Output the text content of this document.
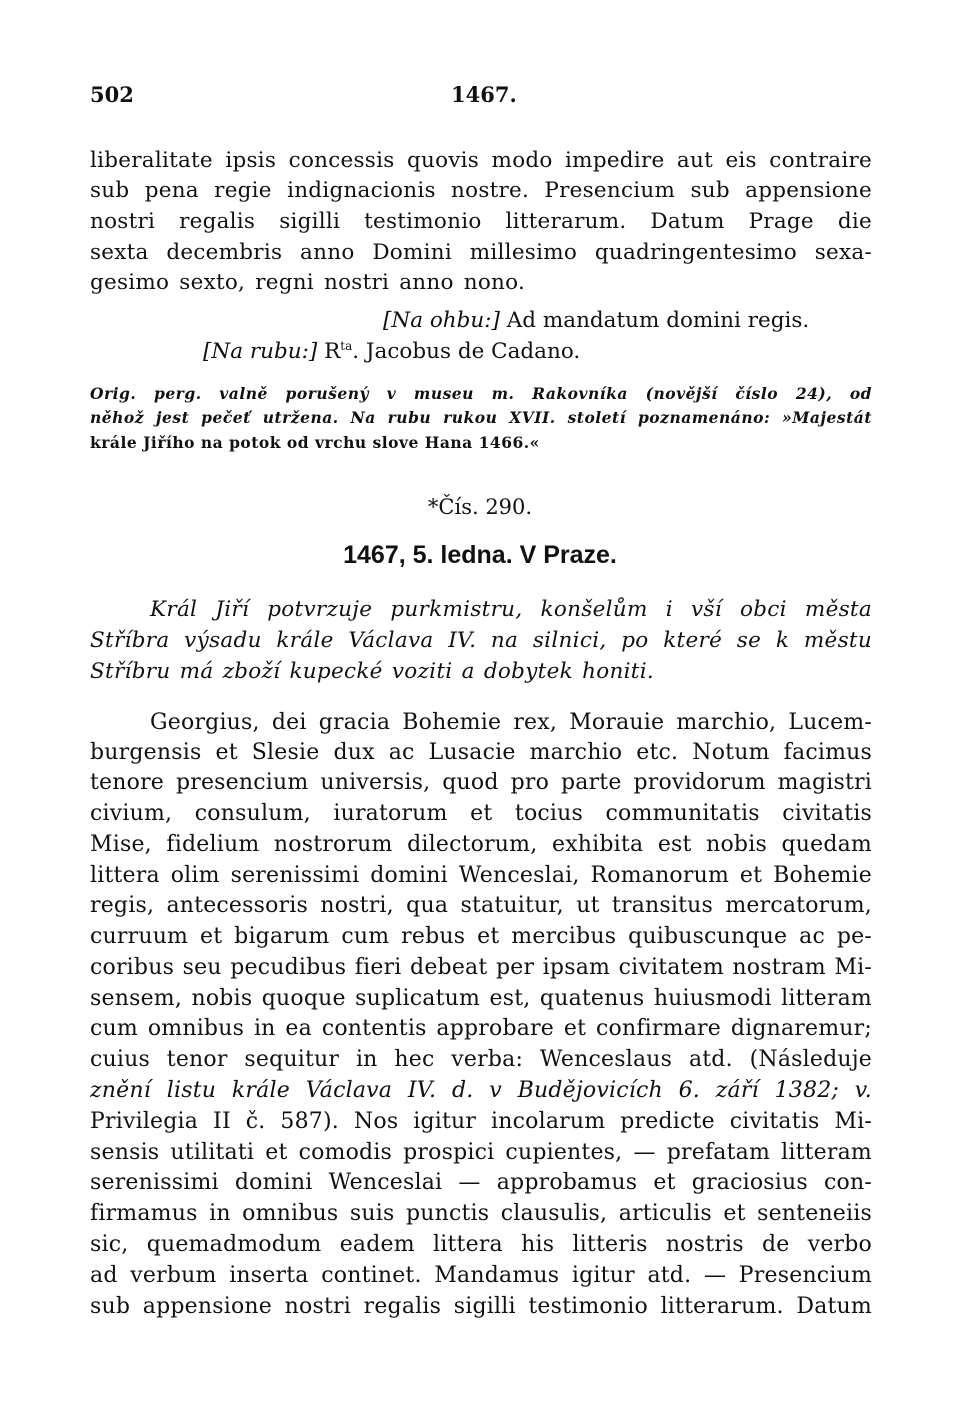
502	1467.
liberalitate ipsis concessis quovis modo impedire aut eis contraire
sub pena regie indignacionis nostre. Presencium sub appensione
nostri regalis sigilli testimonio litterarum. Datum Prage die
sexta decembris anno Domini millesimo quadringentesimo sexa-
gesimo sexto, regni nostri anno nono.
[Na ohbu:] Ad mandatum domini regis.
[Na rubu:] $R^{ta}$. Jacobus de Cadano.
Orig. perg. valně porušený v museu m. Rakovníka (novější číslo 24), od
něhož jest pečeť utržena. Na rubu rukou XVII. století poznamenáno: »Majestát
krále Jiřího na potok od vrchu slove Hana 1466.«
*Čís. 290.
1467, 5. ledna. V Praze.
Král Jiří potvrzuje purkmistru, konšelům i vší obci města
Stříbra výsadu krále Václava IV. na silnici, po které se k městu
Stříbru má zboží kupecké voziti a dobytek honiti.
Georgius, dei gracia Bohemie rex, Morauie marchio, Lucem-
burgensis et Slesie dux ac Lusacie marchio etc. Notum facimus
tenore presencium universis, quod pro parte providorum magistri
civium, consulum, iuratorum et tocius communitatis civitatis
Mise, fidelium nostrorum dilectorum, exhibita est nobis quedam
littera olim serenissimi domini Wenceslai, Romanorum et Bohemie
regis, antecessoris nostri, qua statuitur, ut transitus mercatorum,
curruum et bigarum cum rebus et mercibus quibuscunque ac pe-
coribus seu pecudibus fieri debeat per ipsam civitatem nostram Mi-
sensem, nobis quoque suplicatum est, quatenus huiusmodi litteram
cum omnibus in ea contentis approbare et confirmare dignaremur;
cuius tenor sequitur in hec verba: Wenceslaus atd. (Následuje
znění listu krále Václava IV. d. v Budějovicích 6. září 1382; v.
Privilegia II č. 587). Nos igitur incolarum predicte civitatis Mi-
sensis utilitati et comodis prospici cupientes, — prefatam litteram
serenissimi domini Wenceslai — approbamus et graciosius con-
firmamus in omnibus suis punctis clausulis, articulis et senteneiis
sic, quemadmodum eadem littera his litteris nostris de verbo
ad verbum inserta continet. Mandamus igitur atd. — Presencium
sub appensione nostri regalis sigilli testimonio litterarum. Datum
